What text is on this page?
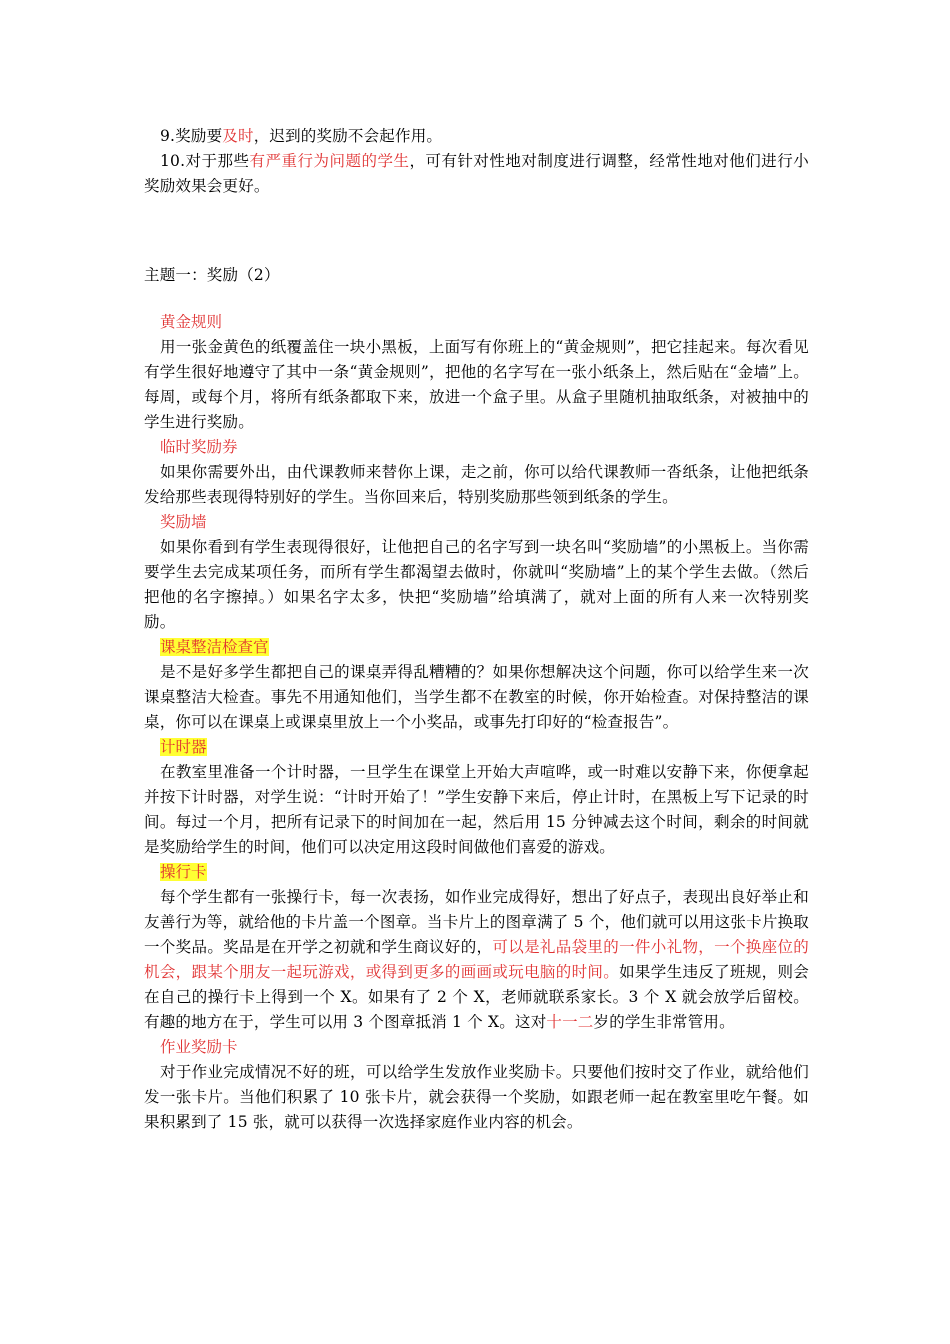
9.奖励要及时，迟到的奖励不会起作用。

10.对于那些有严重行为问题的学生，可有针对性地对制度进行调整，经常性地对他们进行小奖励效果会更好。

主题一：奖励（2）

黄金规则

用一张金黄色的纸覆盖住一块小黑板，上面写有你班上的“黄金规则”，把它挂起来。每次看见有学生很好地遵守了其中一条“黄金规则”，把他的名字写在一张小纸条上，然后贴在“金墙”上。每周，或每个月，将所有纸条都取下来，放进一个盒子里。从盒子里随机抽取纸条，对被抽中的学生进行奖励。

临时奖励券

如果你需要外出，由代课教师来替你上课，走之前，你可以给代课教师一沓纸条，让他把纸条发给那些表现得特别好的学生。当你回来后，特别奖励那些领到纸条的学生。

奖励墙

如果你看到有学生表现得很好，让他把自己的名字写到一块名叫“奖励墙”的小黑板上。当你需要学生去完成某项任务，而所有学生都渴望去做时，你就叫“奖励墙”上的某个学生去做。（然后把他的名字擦掉。）如果名字太多，快把“奖励墙”给填满了，就对上面的所有人来一次特别奖励。

课桌整洁检查官

是不是好多学生都把自己的课桌弄得乱糟糟的？如果你想解决这个问题，你可以给学生来一次课桌整洁大检查。事先不用通知他们，当学生都不在教室的时候，你开始检查。对保持整洁的课桌，你可以在课桌上或课桌里放上一个小奖品，或事先打印好的“检查报告”。

计时器

在教室里准备一个计时器，一旦学生在课堂上开始大声喧哗，或一时难以安静下来，你便拿起并按下计时器，对学生说：“计时开始了！”学生安静下来后，停止计时，在黑板上写下记录的时间。每过一个月，把所有记录下的时间加在一起，然后用 15 分钟减去这个时间，剩余的时间就是奖励给学生的时间，他们可以决定用这段时间做他们喜爱的游戏。

操行卡

每个学生都有一张操行卡，每一次表扬，如作业完成得好，想出了好点子，表现出良好举止和友善行为等，就给他的卡片盖一个图章。当卡片上的图章满了 5 个，他们就可以用这张卡片换取一个奖品。奖品是在开学之初就和学生商议好的，可以是礼品袋里的一件小礼物，一个换座位的机会，跟某个朋友一起玩游戏，或得到更多的画画或玩电脑的时间。如果学生违反了班规，则会在自己的操行卡上得到一个 X。如果有了 2 个 X，老师就联系家长。3 个 X 就会放学后留校。有趣的地方在于，学生可以用 3 个图章抵消 1 个 X。这对十一二岁的学生非常管用。

作业奖励卡

对于作业完成情况不好的班，可以给学生发放作业奖励卡。只要他们按时交了作业，就给他们发一张卡片。当他们积累了 10 张卡片，就会获得一个奖励，如跟老师一起在教室里吃午餐。如果积累到了 15 张，就可以获得一次选择家庭作业内容的机会。
